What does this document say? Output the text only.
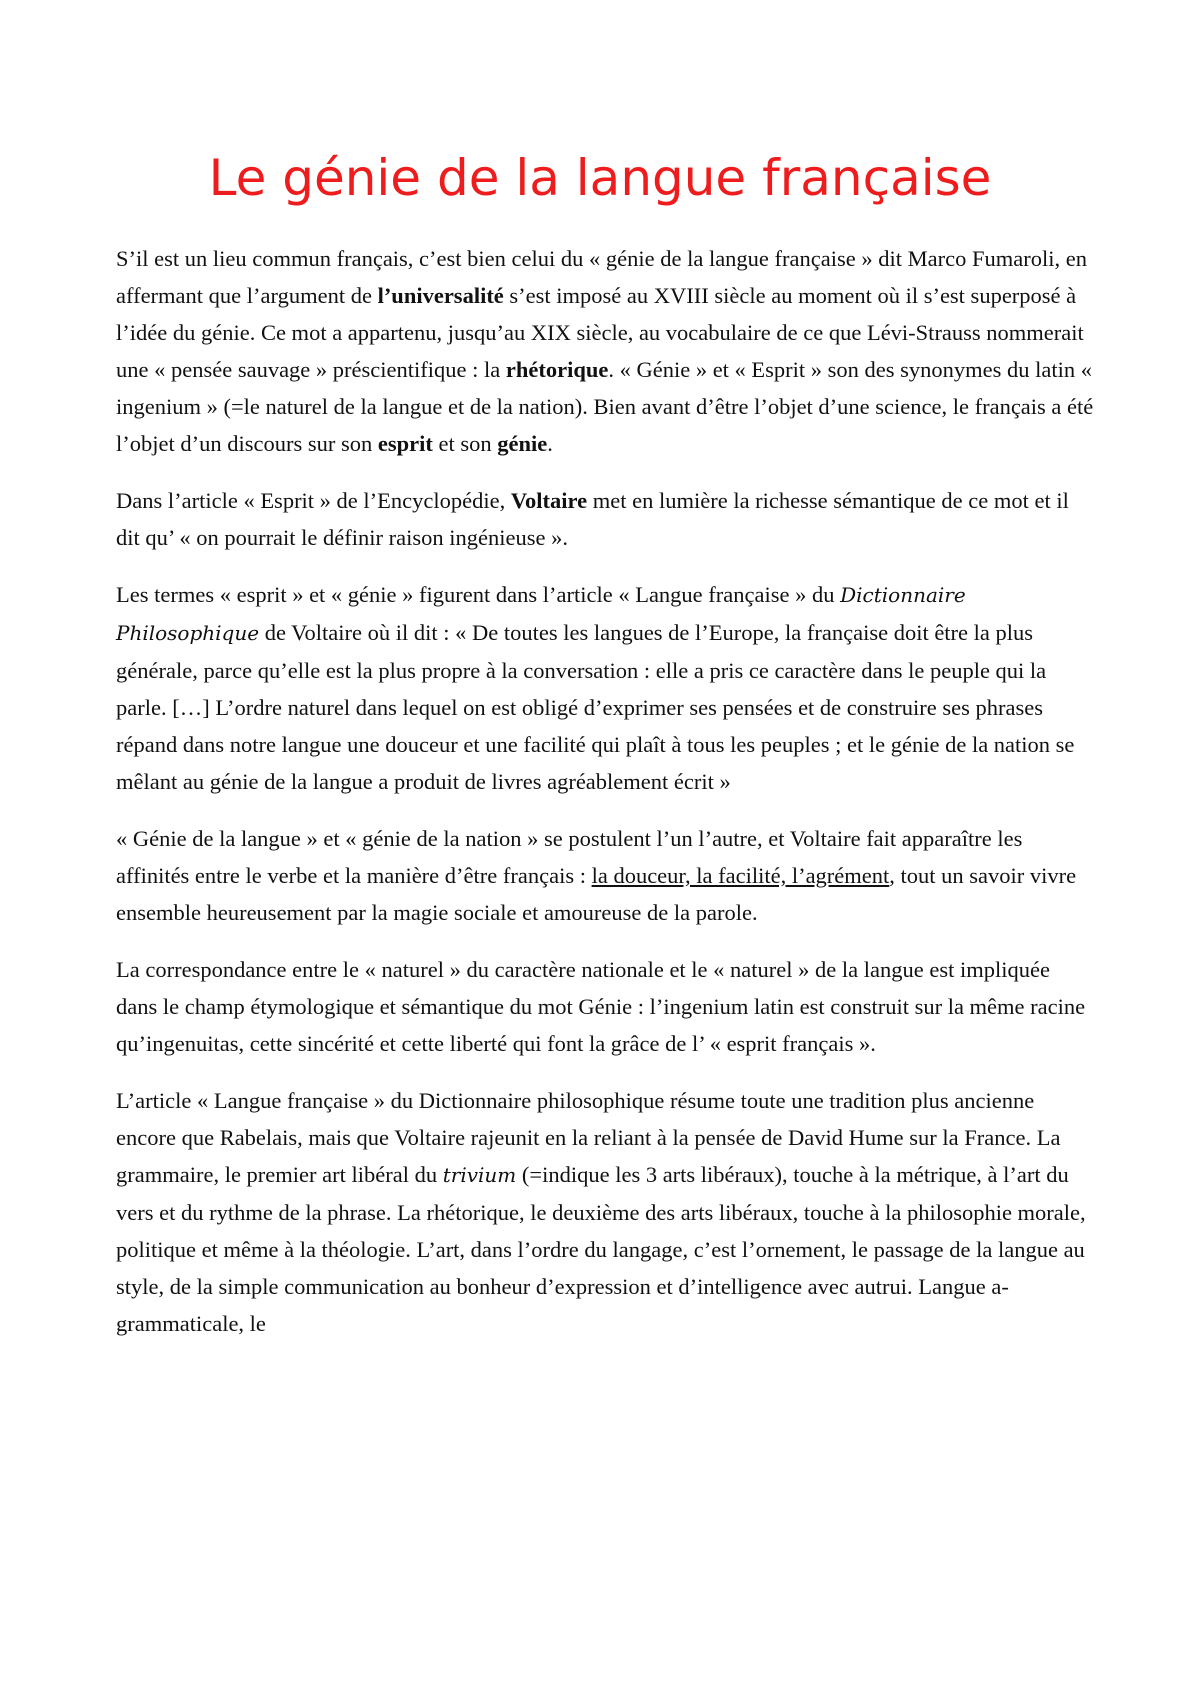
Le génie de la langue française

S’il est un lieu commun français, c’est bien celui du « génie de la langue française » dit Marco Fumaroli, en affermant que l’argument de l’universalité s’est imposé au XVIII siècle au moment où il s’est superposé à l’idée du génie. Ce mot a appartenu, jusqu’au XIX siècle, au vocabulaire de ce que Lévi-Strauss nommerait une « pensée sauvage » préscientifique : la rhétorique. « Génie » et « Esprit » son des synonymes du latin « ingenium » (=le naturel de la langue et de la nation). Bien avant d’être l’objet d’une science, le français a été l’objet d’un discours sur son esprit et son génie.

Dans l’article « Esprit » de l’Encyclopédie, Voltaire met en lumière la richesse sémantique de ce mot et il dit qu’ « on pourrait le définir raison ingénieuse ».

Les termes « esprit » et « génie » figurent dans l’article « Langue française » du Dictionnaire Philosophique de Voltaire où il dit : « De toutes les langues de l’Europe, la française doit être la plus générale, parce qu’elle est la plus propre à la conversation : elle a pris ce caractère dans le peuple qui la parle. […] L’ordre naturel dans lequel on est obligé d’exprimer ses pensées et de construire ses phrases répand dans notre langue une douceur et une facilité qui plaît à tous les peuples ; et le génie de la nation se mêlant au génie de la langue a produit de livres agréablement écrit »

« Génie de la langue » et « génie de la nation » se postulent l’un l’autre, et Voltaire fait apparaître les affinités entre le verbe et la manière d’être français : la douceur, la facilité, l’agrément, tout un savoir vivre ensemble heureusement par la magie sociale et amoureuse de la parole.

La correspondance entre le « naturel » du caractère nationale et le « naturel » de la langue est impliquée dans le champ étymologique et sémantique du mot Génie : l’ingenium latin est construit sur la même racine qu’ingenuitas, cette sincérité et cette liberté qui font la grâce de l’ « esprit français ».

L’article « Langue française » du Dictionnaire philosophique résume toute une tradition plus ancienne encore que Rabelais, mais que Voltaire rajeunit en la reliant à la pensée de David Hume sur la France. La grammaire, le premier art libéral du trivium (=indique les 3 arts libéraux), touche à la métrique, à l’art du vers et du rythme de la phrase. La rhétorique, le deuxième des arts libéraux, touche à la philosophie morale, politique et même à la théologie. L’art, dans l’ordre du langage, c’est l’ornement, le passage de la langue au style, de la simple communication au bonheur d’expression et d’intelligence avec autrui. Langue a-grammaticale, le
